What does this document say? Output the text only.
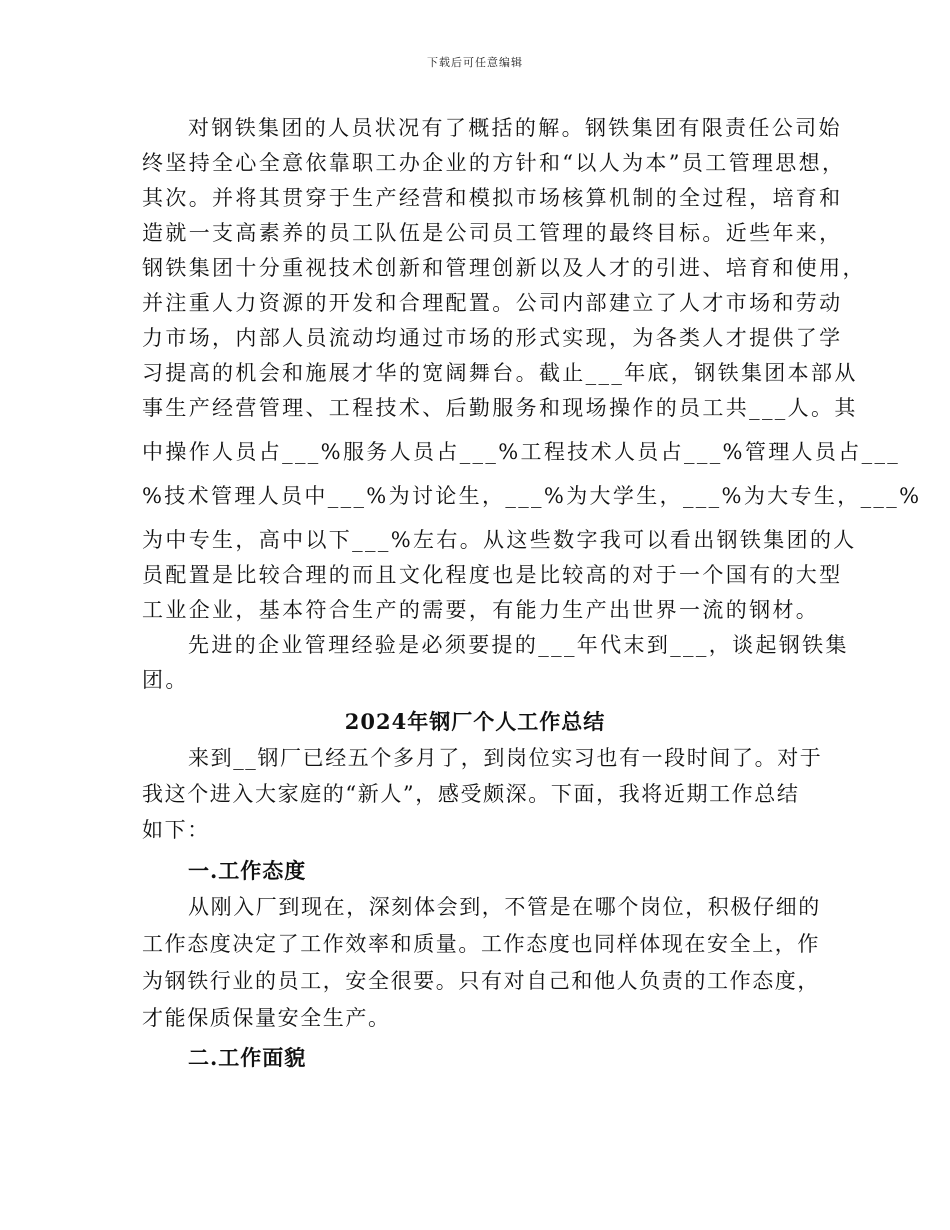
下载后可任意编辑
对钢铁集团的人员状况有了概括的解。钢铁集团有限责任公司始
终坚持全心全意依靠职工办企业的方针和“以人为本”员工管理思想，
其次。并将其贯穿于生产经营和模拟市场核算机制的全过程，培育和
造就一支高素养的员工队伍是公司员工管理的最终目标。近些年来，
钢铁集团十分重视技术创新和管理创新以及人才的引进、培育和使用，
并注重人力资源的开发和合理配置。公司内部建立了人才市场和劳动
力市场，内部人员流动均通过市场的形式实现，为各类人才提供了学
习提高的机会和施展才华的宽阔舞台。截止___年底，钢铁集团本部从
事生产经营管理、工程技术、后勤服务和现场操作的员工共___人。其
中操作人员占___%服务人员占___%工程技术人员占___%管理人员占___
%技术管理人员中___%为讨论生，___%为大学生，___%为大专生，___%
为中专生，高中以下___%左右。从这些数字我可以看出钢铁集团的人
员配置是比较合理的而且文化程度也是比较高的对于一个国有的大型
工业企业，基本符合生产的需要，有能力生产出世界一流的钢材。
先进的企业管理经验是必须要提的___年代末到___，谈起钢铁集
团。
2024年钢厂个人工作总结
来到__钢厂已经五个多月了，到岗位实习也有一段时间了。对于
我这个进入大家庭的“新人”，感受颇深。下面，我将近期工作总结
如下：
一.工作态度
从刚入厂到现在，深刻体会到，不管是在哪个岗位，积极仔细的
工作态度决定了工作效率和质量。工作态度也同样体现在安全上，作
为钢铁行业的员工，安全很要。只有对自己和他人负责的工作态度，
才能保质保量安全生产。
二.工作面貌
